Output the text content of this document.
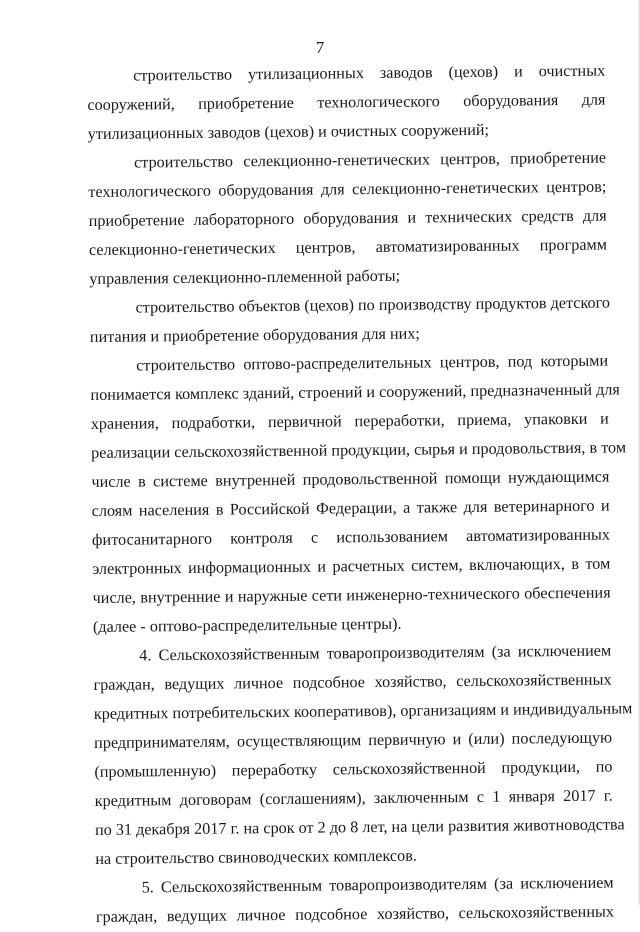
7
строительство утилизационных заводов (цехов) и очистных
сооружений, приобретение технологического оборудования для
утилизационных заводов (цехов) и очистных сооружений;
строительство селекционно-генетических центров, приобретение
технологического оборудования для селекционно-генетических центров;
приобретение лабораторного оборудования и технических средств для
селекционно-генетических центров, автоматизированных программ
управления селекционно-племенной работы;
строительство объектов (цехов) по производству продуктов детского
питания и приобретение оборудования для них;
строительство оптово-распределительных центров, под которыми
понимается комплекс зданий, строений и сооружений, предназначенный для
хранения, подработки, первичной переработки, приема, упаковки и
реализации сельскохозяйственной продукции, сырья и продовольствия, в том
числе в системе внутренней продовольственной помощи нуждающимся
слоям населения в Российской Федерации, а также для ветеринарного и
фитосанитарного контроля с использованием автоматизированных
электронных информационных и расчетных систем, включающих, в том
числе, внутренние и наружные сети инженерно-технического обеспечения
(далее - оптово-распределительные центры).
4. Сельскохозяйственным товаропроизводителям (за исключением
граждан, ведущих личное подсобное хозяйство, сельскохозяйственных
кредитных потребительских кооперативов), организациям и индивидуальным
предпринимателям, осуществляющим первичную и (или) последующую
(промышленную) переработку сельскохозяйственной продукции, по
кредитным договорам (соглашениям), заключенным с 1 января 2017 г.
по 31 декабря 2017 г. на срок от 2 до 8 лет, на цели развития животноводства
на строительство свиноводческих комплексов.
5. Сельскохозяйственным товаропроизводителям (за исключением
граждан, ведущих личное подсобное хозяйство, сельскохозяйственных
